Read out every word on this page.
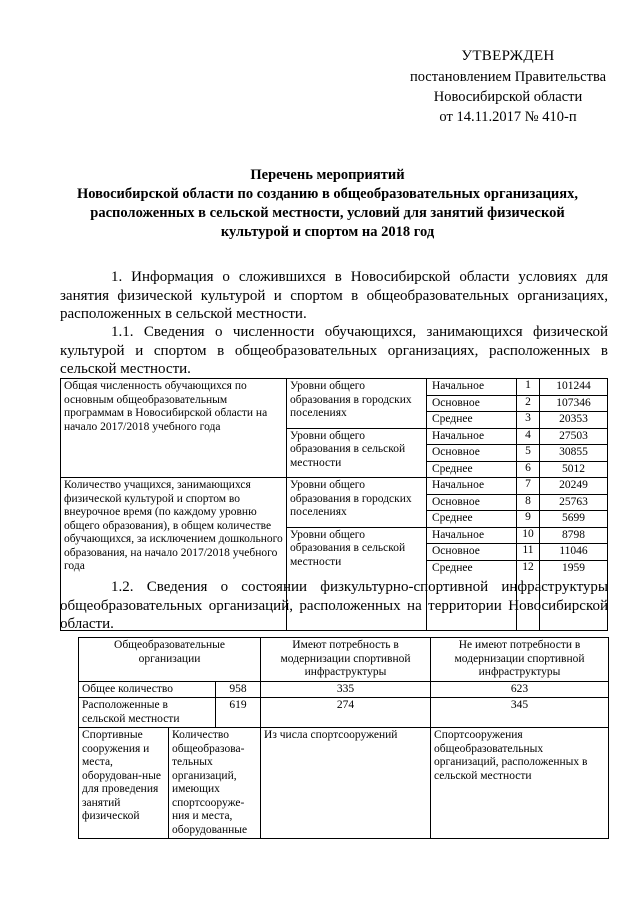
УТВЕРЖДЕН
постановлением Правительства
Новосибирской области
от 14.11.2017 № 410-п
Перечень мероприятий
Новосибирской области по созданию в общеобразовательных организациях,
расположенных в сельской местности, условий для занятий физической
культурой и спортом на 2018 год
1. Информация о сложившихся в Новосибирской области условиях для занятия физической культурой и спортом в общеобразовательных организациях, расположенных в сельской местности.
1.1. Сведения о численности обучающихся, занимающихся физической культурой и спортом в общеобразовательных организациях, расположенных в сельской местности.
Общая численность обучающихся по основным общеобразовательным программам в Новосибирской области на начало 2017/2018 учебного года	Уровни общего образования в городских поселениях	Начальное	1	101244
		Основное	2	107346
		Среднее	3	20353
	Уровни общего образования в сельской местности	Начальное	4	27503
		Основное	5	30855
		Среднее	6	5012
Количество учащихся, занимающихся физической культурой и спортом во внеурочное время (по каждому уровню общего образования), в общем количестве обучающихся, за исключением дошкольного образования, на начало 2017/2018 учебного года	Уровни общего образования в городских поселениях	Начальное	7	20249
		Основное	8	25763
		Среднее	9	5699
	Уровни общего образования в сельской местности	Начальное	10	8798
		Основное	11	11046
		Среднее	12	1959
1.2. Сведения о состоянии физкультурно-спортивной инфраструктуры общеобразовательных организаций, расположенных на территории Новосибирской области.
Общеобразовательные организации			Имеют потребность в модернизации спортивной инфраструктуры	Не имеют потребности в модернизации спортивной инфраструктуры
Общее количество		958	335	623
Расположенные в сельской местности		619	274	345
Спортивные сооружения и места, оборудован-ные для проведения занятий физической	Количество общеобразова-тельных организаций, имеющих спортсооруже-ния и места, оборудованные		Из числа спортсооружений	Спортсооружения общеобразовательных организаций, расположенных в сельской местности
